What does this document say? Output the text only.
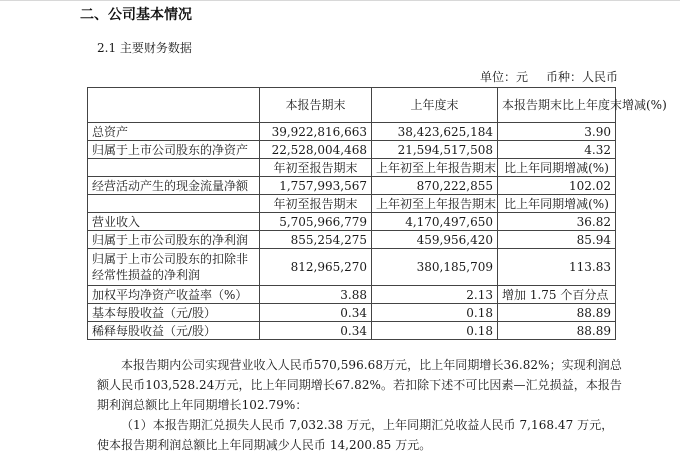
二、公司基本情况

2.1 主要财务数据

单位：元 币种：人民币

	本报告期末	上年度末	本报告期末比上年度末增减(%)
总资产	39,922,816,663	38,423,625,184	3.90
归属于上市公司股东的净资产	22,528,004,468	21,594,517,508	4.32
	年初至报告期末	上年初至上年报告期末	比上年同期增减(%)
经营活动产生的现金流量净额	1,757,993,567	870,222,855	102.02
	年初至报告期末	上年初至上年报告期末	比上年同期增减(%)
营业收入	5,705,966,779	4,170,497,650	36.82
归属于上市公司股东的净利润	855,254,275	459,956,420	85.94
归属于上市公司股东的扣除非经常性损益的净利润	812,965,270	380,185,709	113.83
加权平均净资产收益率（%）	3.88	2.13	增加 1.75 个百分点
基本每股收益（元/股）	0.34	0.18	88.89
稀释每股收益（元/股）	0.34	0.18	88.89

本报告期内公司实现营业收入人民币570,596.68万元，比上年同期增长36.82%；实现利润总额人民币103,528.24万元，比上年同期增长67.82%。若扣除下述不可比因素—汇兑损益，本报告期利润总额比上年同期增长102.79%：

（1）本报告期汇兑损失人民币 7,032.38 万元，上年同期汇兑收益人民币 7,168.47 万元，使本报告期利润总额比上年同期减少人民币 14,200.85 万元。
